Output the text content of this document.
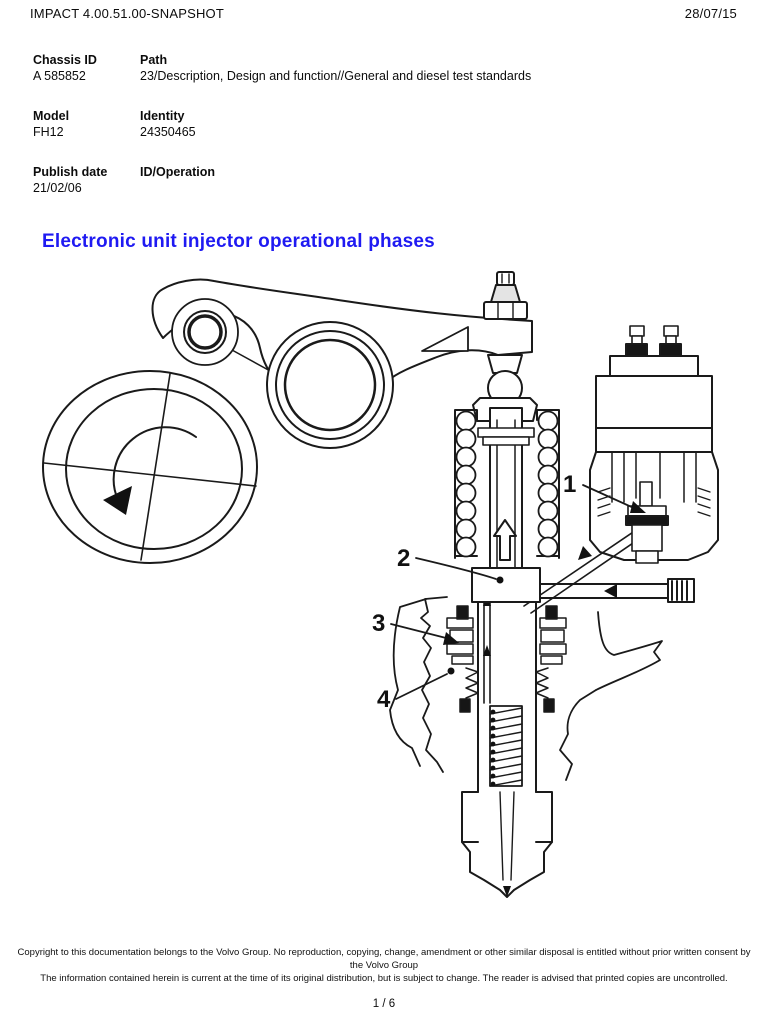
IMPACT 4.00.51.00-SNAPSHOT	28/07/15
Chassis ID	Path
A 585852	23/Description, Design and function//General and diesel test standards
Model	Identity
FH12	24350465
Publish date	ID/Operation
21/02/06
Electronic unit injector operational phases
1
2
3
4
Copyright to this documentation belongs to the Volvo Group. No reproduction, copying, change, amendment or other similar disposal is entitled without prior written consent by
the Volvo Group
The information contained herein is current at the time of its original distribution, but is subject to change. The reader is advised that printed copies are uncontrolled.
1 / 6
